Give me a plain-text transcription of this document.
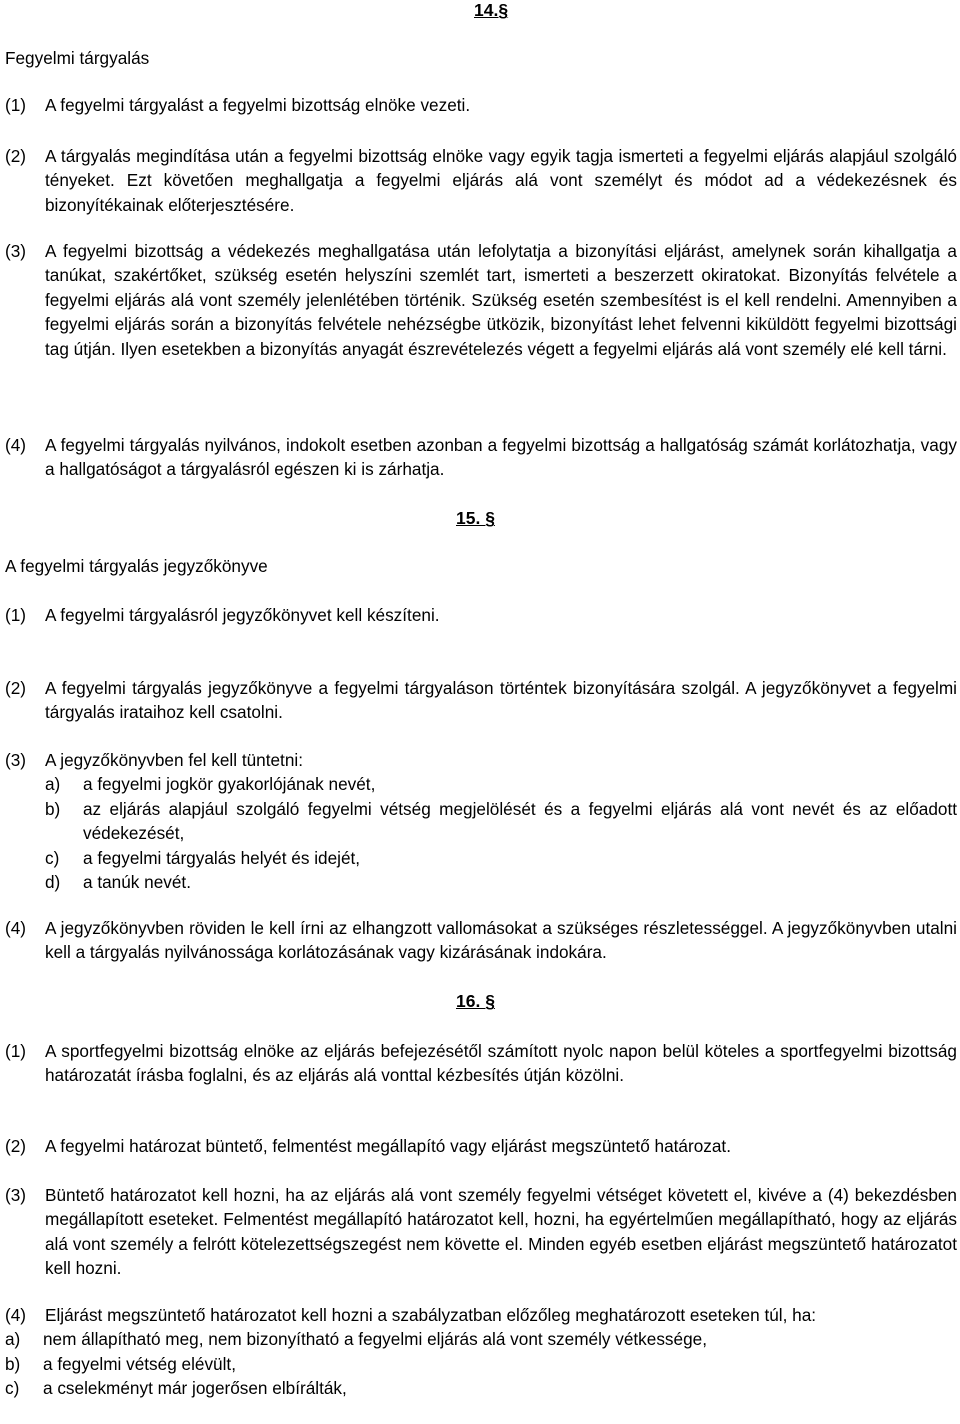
14.§
Fegyelmi tárgyalás
(1) A fegyelmi tárgyalást a fegyelmi bizottság elnöke vezeti.
(2) A tárgyalás megindítása után a fegyelmi bizottság elnöke vagy egyik tagja ismerteti a fegyelmi eljárás alapjául szolgáló tényeket. Ezt követően meghallgatja a fegyelmi eljárás alá vont személyt és módot ad a védekezésnek és bizonyítékainak előterjesztésére.
(3) A fegyelmi bizottság a védekezés meghallgatása után lefolytatja a bizonyítási eljárást, amelynek során kihallgatja a tanúkat, szakértőket, szükség esetén helyszíni szemlét tart, ismerteti a beszerzett okiratokat. Bizonyítás felvétele a fegyelmi eljárás alá vont személy jelenlétében történik. Szükség esetén szembesítést is el kell rendelni. Amennyiben a fegyelmi eljárás során a bizonyítás felvétele nehézségbe ütközik, bizonyítást lehet felvenni kiküldött fegyelmi bizottsági tag útján. Ilyen esetekben a bizonyítás anyagát észrevételezés végett a fegyelmi eljárás alá vont személy elé kell tárni.
(4) A fegyelmi tárgyalás nyilvános, indokolt esetben azonban a fegyelmi bizottság a hallgatóság számát korlátozhatja, vagy a hallgatóságot a tárgyalásról egészen ki is zárhatja.
15. §
A fegyelmi tárgyalás jegyzőkönyve
(1) A fegyelmi tárgyalásról jegyzőkönyvet kell készíteni.
(2) A fegyelmi tárgyalás jegyzőkönyve a fegyelmi tárgyaláson történtek bizonyítására szolgál. A jegyzőkönyvet a fegyelmi tárgyalás irataihoz kell csatolni.
(3) A jegyzőkönyvben fel kell tüntetni:
a) a fegyelmi jogkör gyakorlójának nevét,
b) az eljárás alapjául szolgáló fegyelmi vétség megjelölését és a fegyelmi eljárás alá vont nevét és az előadott védekezését,
c) a fegyelmi tárgyalás helyét és idejét,
d) a tanúk nevét.
(4) A jegyzőkönyvben röviden le kell írni az elhangzott vallomásokat a szükséges részletességgel. A jegyzőkönyvben utalni kell a tárgyalás nyilvánossága korlátozásának vagy kizárásának indokára.
16. §
(1) A sportfegyelmi bizottság elnöke az eljárás befejezésétől számított nyolc napon belül köteles a sportfegyelmi bizottság határozatát írásba foglalni, és az eljárás alá vonttal kézbesítés útján közölni.
(2) A fegyelmi határozat büntető, felmentést megállapító vagy eljárást megszüntető határozat.
(3) Büntető határozatot kell hozni, ha az eljárás alá vont személy fegyelmi vétséget követett el, kivéve a (4) bekezdésben megállapított eseteket. Felmentést megállapító határozatot kell, hozni, ha egyértelműen megállapítható, hogy az eljárás alá vont személy a felrótt kötelezettségszegést nem követte el. Minden egyéb esetben eljárást megszüntető határozatot kell hozni.
(4) Eljárást megszüntető határozatot kell hozni a szabályzatban előzőleg meghatározott eseteken túl, ha:
a) nem állapítható meg, nem bizonyítható a fegyelmi eljárás alá vont személy vétkessége,
b) a fegyelmi vétség elévült,
c) a cselekményt már jogerősen elbírálták,
